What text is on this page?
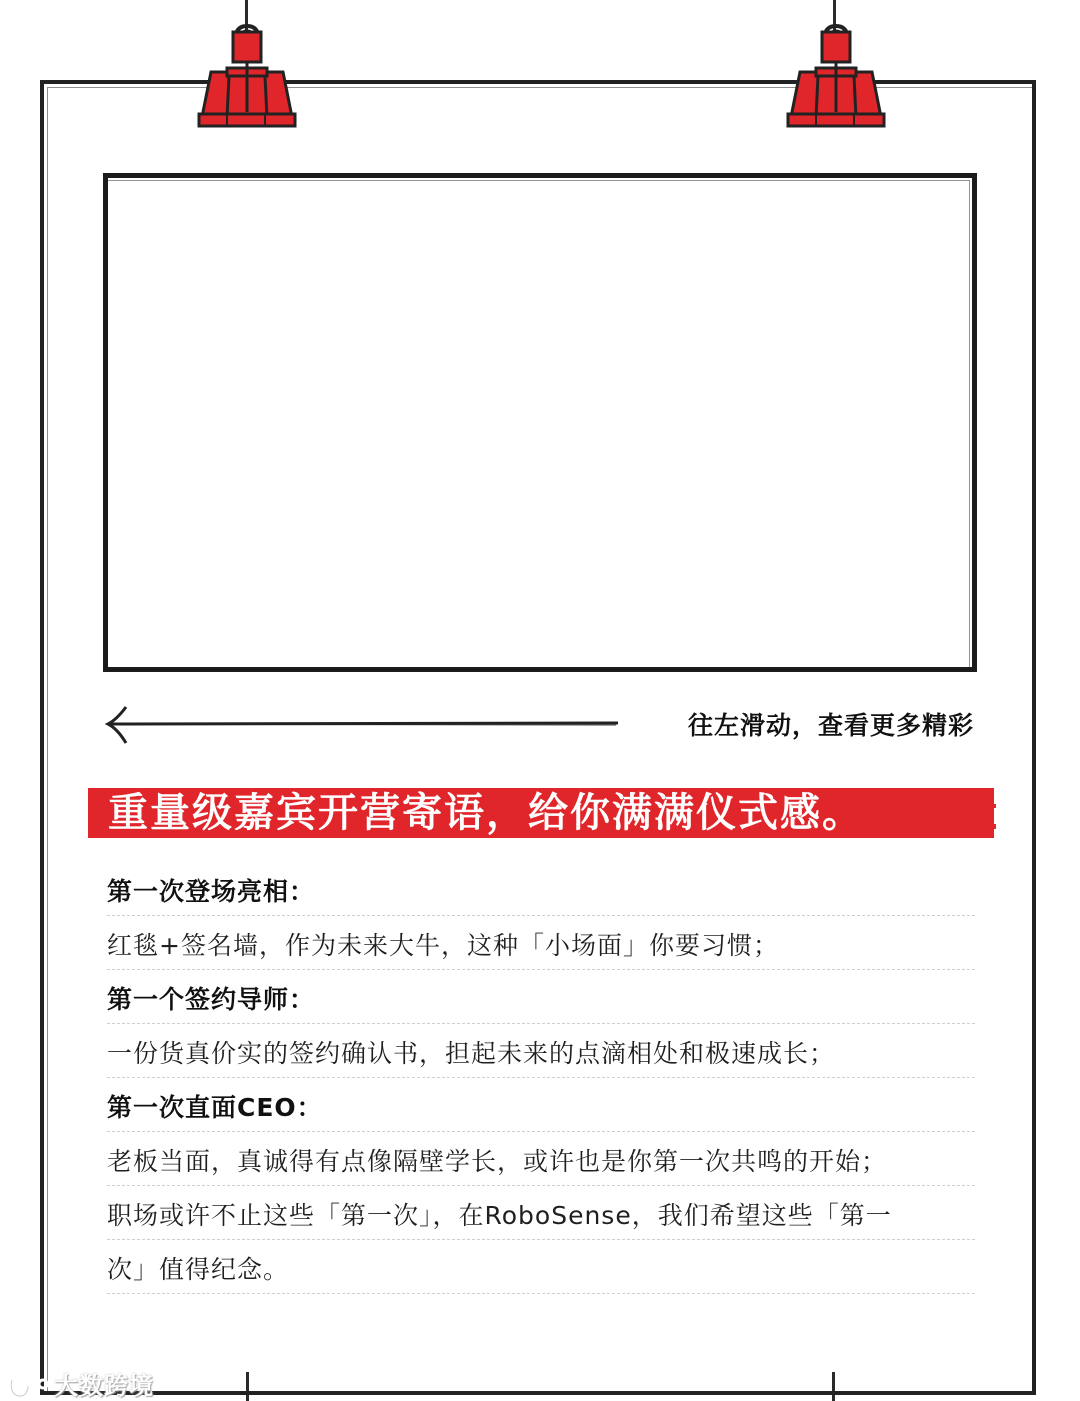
往左滑动，查看更多精彩
重量级嘉宾开营寄语，给你满满仪式感。
第一次登场亮相：
红毯+签名墙，作为未来大牛，这种「小场面」你要习惯；
第一个签约导师：
一份货真价实的签约确认书，担起未来的点滴相处和极速成长；
第一次直面CEO：
老板当面，真诚得有点像隔壁学长，或许也是你第一次共鸣的开始；
职场或许不止这些「第一次」，在RoboSense，我们希望这些「第一
次」值得纪念。
大数跨境
